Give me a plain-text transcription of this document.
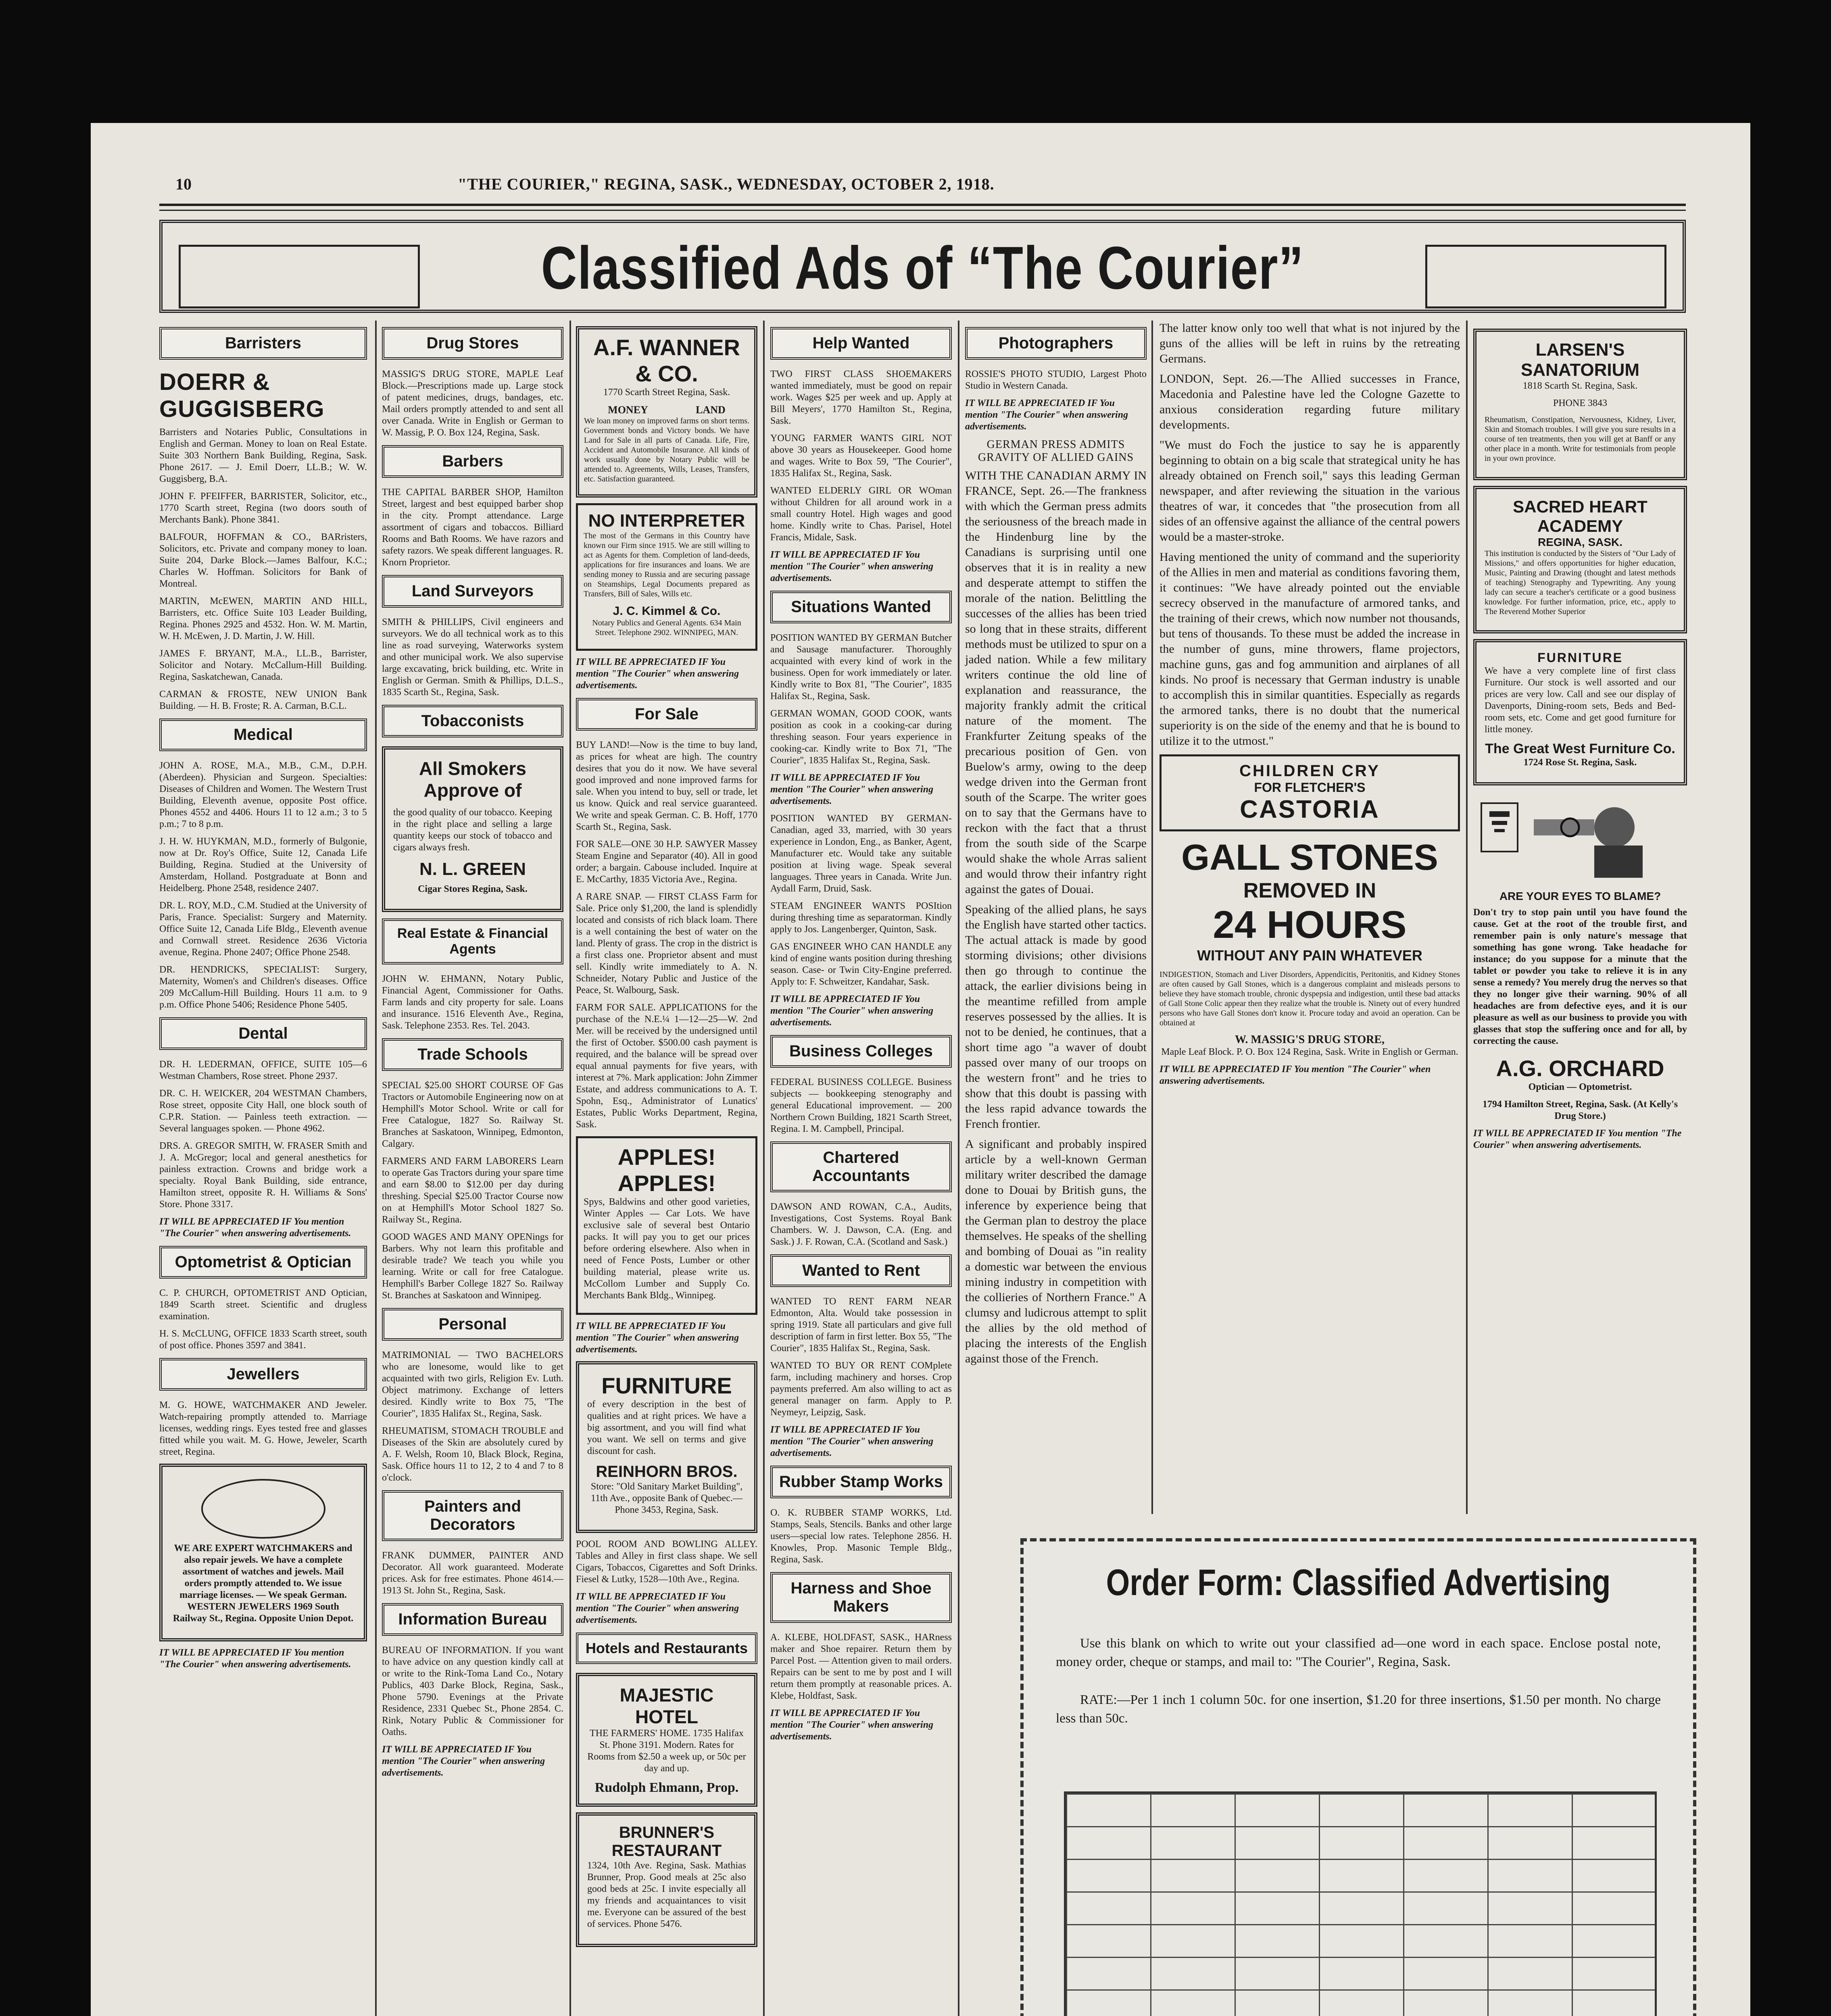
10	"THE COURIER," REGINA, SASK., WEDNESDAY, OCTOBER 2, 1918.
Classified Ads of “The Courier”
Barristers
DOERR & GUGGISBERG

Barristers and Notaries Public, Consultations in English and German. Money to loan on Real Estate. Suite 303 Northern Bank Building, Regina, Sask. Phone 2617. — J. Emil Doerr, LL.B.; W. W. Guggisberg, B.A.

JOHN F. PFEIFFER, BARRISTER, Solicitor, etc., 1770 Scarth street, Regina (two doors south of Merchants Bank). Phone 3841.

BALFOUR, HOFFMAN & CO., BARristers, Solicitors, etc. Private and company money to loan. Suite 204, Darke Block.—James Balfour, K.C.; Charles W. Hoffman. Solicitors for Bank of Montreal.

MARTIN, McEWEN, MARTIN AND HILL, Barristers, etc. Office Suite 103 Leader Building, Regina. Phones 2925 and 4532. Hon. W. M. Martin, W. H. McEwen, J. D. Martin, J. W. Hill.

JAMES F. BRYANT, M.A., LL.B., Barrister, Solicitor and Notary. McCallum-Hill Building. Regina, Saskatchewan, Canada.

CARMAN & FROSTE, NEW UNION Bank Building. — H. B. Froste; R. A. Carman, B.C.L.

Medical

JOHN A. ROSE, M.A., M.B., C.M., D.P.H. (Aberdeen). Physician and Surgeon. Specialties: Diseases of Children and Women. The Western Trust Building, Eleventh avenue, opposite Post office. Phones 4552 and 4406. Hours 11 to 12 a.m.; 3 to 5 p.m.; 7 to 8 p.m.

J. H. W. HUYKMAN, M.D., formerly of Bulgonie, now at Dr. Roy's Office, Suite 12, Canada Life Building, Regina. Studied at the University of Amsterdam, Holland. Postgraduate at Bonn and Heidelberg. Phone 2548, residence 2407.

DR. L. ROY, M.D., C.M. Studied at the University of Paris, France. Specialist: Surgery and Maternity. Office Suite 12, Canada Life Bldg., Eleventh avenue and Cornwall street. Residence 2636 Victoria avenue, Regina. Phone 2407; Office Phone 2548.

DR. HENDRICKS, SPECIALIST: Surgery, Maternity, Women's and Children's diseases. Office 209 McCallum-Hill Building. Hours 11 a.m. to 9 p.m. Office Phone 5406; Residence Phone 5405.

Dental

DR. H. LEDERMAN, OFFICE, SUITE 105—6 Westman Chambers, Rose street. Phone 2937.

DR. C. H. WEICKER, 204 WESTMAN Chambers, Rose street, opposite City Hall, one block south of C.P.R. Station. — Painless teeth extraction. — Several languages spoken. — Phone 4962.

DRS. A. GREGOR SMITH, W. FRASER Smith and J. A. McGregor; local and general anesthetics for painless extraction. Crowns and bridge work a specialty. Royal Bank Building, side entrance, Hamilton street, opposite R. H. Williams & Sons' Store. Phone 3317.

IT WILL BE APPRECIATED IF You mention "The Courier" when answering advertisements.

Optometrist & Optician

C. P. CHURCH, OPTOMETRIST AND Optician, 1849 Scarth street. Scientific and drugless examination.

H. S. McCLUNG, OFFICE 1833 Scarth street, south of post office. Phones 3597 and 3841.

Jewellers

M. G. HOWE, WATCHMAKER AND Jeweler. Watch-repairing promptly attended to. Marriage licenses, wedding rings. Eyes tested free and glasses fitted while you wait. M. G. Howe, Jeweler, Scarth street, Regina.

WE ARE EXPERT WATCHMAKERS and also repair jewels. We have a complete assortment of watches and jewels. Mail orders promptly attended to. We issue marriage licenses. — We speak German. WESTERN JEWELERS 1969 South Railway St., Regina. Opposite Union Depot.

IT WILL BE APPRECIATED IF You mention "The Courier" when answering advertisements.

Drug Stores

MASSIG'S DRUG STORE, MAPLE Leaf Block.—Prescriptions made up. Large stock of patent medicines, drugs, bandages, etc. Mail orders promptly attended to and sent all over Canada. Write in English or German to W. Massig, P. O. Box 124, Regina, Sask.

Barbers

THE CAPITAL BARBER SHOP, Hamilton Street, largest and best equipped barber shop in the city. Prompt attendance. Large assortment of cigars and tobaccos. Billiard Rooms and Bath Rooms. We have razors and safety razors. We speak different languages. R. Knorn Proprietor.

Land Surveyors

SMITH & PHILLIPS, Civil engineers and surveyors. We do all technical work as to this line as road surveying, Waterworks system and other municipal work. We also supervise large excavating, brick building, etc. Write in English or German. Smith & Phillips, D.L.S., 1835 Scarth St., Regina, Sask.

Tobacconists
All Smokers Approve of

the good quality of our tobacco. Keeping in the right place and selling a large quantity keeps our stock of tobacco and cigars always fresh.

N. L. GREEN

Cigar Stores Regina, Sask.

Real Estate & Financial Agents

JOHN W. EHMANN, Notary Public, Financial Agent, Commissioner for Oaths. Farm lands and city property for sale. Loans and insurance. 1516 Eleventh Ave., Regina, Sask. Telephone 2353. Res. Tel. 2043.

Trade Schools

SPECIAL $25.00 SHORT COURSE OF Gas Tractors or Automobile Engineering now on at Hemphill's Motor School. Write or call for Free Catalogue, 1827 So. Railway St. Branches at Saskatoon, Winnipeg, Edmonton, Calgary.

FARMERS AND FARM LABORERS Learn to operate Gas Tractors during your spare time and earn $8.00 to $12.00 per day during threshing. Special $25.00 Tractor Course now on at Hemphill's Motor School 1827 So. Railway St., Regina.

GOOD WAGES AND MANY OPENings for Barbers. Why not learn this profitable and desirable trade? We teach you while you learning. Write or call for free Catalogue. Hemphill's Barber College 1827 So. Railway St. Branches at Saskatoon and Winnipeg.

Personal

MATRIMONIAL — TWO BACHELORS who are lonesome, would like to get acquainted with two girls, Religion Ev. Luth. Object matrimony. Exchange of letters desired. Kindly write to Box 75, "The Courier", 1835 Halifax St., Regina, Sask.

RHEUMATISM, STOMACH TROUBLE and Diseases of the Skin are absolutely cured by A. F. Welsh, Room 10, Black Block, Regina, Sask. Office hours 11 to 12, 2 to 4 and 7 to 8 o'clock.

Painters and Decorators

FRANK DUMMER, PAINTER AND Decorator. All work guaranteed. Moderate prices. Ask for free estimates. Phone 4614.—1913 St. John St., Regina, Sask.

Information Bureau

BUREAU OF INFORMATION. If you want to have advice on any question kindly call at or write to the Rink-Toma Land Co., Notary Publics, 403 Darke Block, Regina, Sask., Phone 5790. Evenings at the Private Residence, 2331 Quebec St., Phone 2854. C. Rink, Notary Public & Commissioner for Oaths.

IT WILL BE APPRECIATED IF You mention "The Courier" when answering advertisements.

A.F. WANNER & CO.

1770 Scarth Street Regina, Sask.

MONEY	LAND

We loan money on improved farms on short terms. Government bonds and Victory bonds. We have Land for Sale in all parts of Canada. Life, Fire, Accident and Automobile Insurance. All kinds of work usually done by Notary Public will be attended to. Agreements, Wills, Leases, Transfers, etc. Satisfaction guaranteed.

NO INTERPRETER

The most of the Germans in this Country have known our Firm since 1915. We are still willing to act as Agents for them. Completion of land-deeds, applications for fire insurances and loans. We are sending money to Russia and are securing passage on Steamships, Legal Documents prepared as Transfers, Bill of Sales, Wills etc.

J. C. Kimmel & Co.

Notary Publics and General Agents. 634 Main Street. Telephone 2902. WINNIPEG, MAN.

IT WILL BE APPRECIATED IF You mention "The Courier" when answering advertisements.

For Sale

BUY LAND!—Now is the time to buy land, as prices for wheat are high. The country desires that you do it now. We have several good improved and none improved farms for sale. When you intend to buy, sell or trade, let us know. Quick and real service guaranteed. We write and speak German. C. B. Hoff, 1770 Scarth St., Regina, Sask.

FOR SALE—ONE 30 H.P. SAWYER Massey Steam Engine and Separator (40). All in good order; a bargain. Cabouse included. Inquire at E. McCarthy, 1835 Victoria Ave., Regina.

A RARE SNAP. — FIRST CLASS Farm for Sale. Price only $1,200, the land is splendidly located and consists of rich black loam. There is a well containing the best of water on the land. Plenty of grass. The crop in the district is a first class one. Proprietor absent and must sell. Kindly write immediately to A. N. Schneider, Notary Public and Justice of the Peace, St. Walbourg, Sask.

FARM FOR SALE. APPLICATIONS for the purchase of the N.E.¼ 1—12—25—W. 2nd Mer. will be received by the undersigned until the first of October. $500.00 cash payment is required, and the balance will be spread over equal annual payments for five years, with interest at 7%. Mark application: John Zimmer Estate, and address communications to A. T. Spohn, Esq., Administrator of Lunatics' Estates, Public Works Department, Regina, Sask.

APPLES! APPLES!

Spys, Baldwins and other good varieties, Winter Apples — Car Lots. We have exclusive sale of several best Ontario packs. It will pay you to get our prices before ordering elsewhere. Also when in need of Fence Posts, Lumber or other building material, please write us. McCollom Lumber and Supply Co. Merchants Bank Bldg., Winnipeg.

IT WILL BE APPRECIATED IF You mention "The Courier" when answering advertisements.

FURNITURE

of every description in the best of qualities and at right prices. We have a big assortment, and you will find what you want. We sell on terms and give discount for cash.

REINHORN BROS.

Store: "Old Sanitary Market Building", 11th Ave., opposite Bank of Quebec.—Phone 3453, Regina, Sask.

POOL ROOM AND BOWLING ALLEY. Tables and Alley in first class shape. We sell Cigars, Tobaccos, Cigarettes and Soft Drinks. Fiesel & Lutky, 1528—10th Ave., Regina.

IT WILL BE APPRECIATED IF You mention "The Courier" when answering advertisements.

Hotels and Restaurants
MAJESTIC HOTEL

THE FARMERS' HOME. 1735 Halifax St. Phone 3191. Modern. Rates for Rooms from $2.50 a week up, or 50c per day and up.

Rudolph Ehmann, Prop.
BRUNNER'S RESTAURANT

1324, 10th Ave. Regina, Sask. Mathias Brunner, Prop. Good meals at 25c also good beds at 25c. I invite especially all my friends and acquaintances to visit me. Everyone can be assured of the best of services. Phone 5476.

Help Wanted

TWO FIRST CLASS SHOEMAKERS wanted immediately, must be good on repair work. Wages $25 per week and up. Apply at Bill Meyers', 1770 Hamilton St., Regina, Sask.

YOUNG FARMER WANTS GIRL NOT above 30 years as Housekeeper. Good home and wages. Write to Box 59, "The Courier", 1835 Halifax St., Regina, Sask.

WANTED ELDERLY GIRL OR WOman without Children for all around work in a small country Hotel. High wages and good home. Kindly write to Chas. Parisel, Hotel Francis, Midale, Sask.

IT WILL BE APPRECIATED IF You mention "The Courier" when answering advertisements.

Situations Wanted

POSITION WANTED BY GERMAN Butcher and Sausage manufacturer. Thoroughly acquainted with every kind of work in the business. Open for work immediately or later. Kindly write to Box 81, "The Courier", 1835 Halifax St., Regina, Sask.

GERMAN WOMAN, GOOD COOK, wants position as cook in a cooking-car during threshing season. Four years experience in cooking-car. Kindly write to Box 71, "The Courier", 1835 Halifax St., Regina, Sask.

IT WILL BE APPRECIATED IF You mention "The Courier" when answering advertisements.

POSITION WANTED BY GERMAN-Canadian, aged 33, married, with 30 years experience in London, Eng., as Banker, Agent, Manufacturer etc. Would take any suitable position at living wage. Speak several languages. Three years in Canada. Write Jun. Aydall Farm, Druid, Sask.

STEAM ENGINEER WANTS POSItion during threshing time as separatorman. Kindly apply to Jos. Langenberger, Quinton, Sask.

GAS ENGINEER WHO CAN HANDLE any kind of engine wants position during threshing season. Case- or Twin City-Engine preferred. Apply to: F. Schweitzer, Kandahar, Sask.

IT WILL BE APPRECIATED IF You mention "The Courier" when answering advertisements.

Business Colleges

FEDERAL BUSINESS COLLEGE. Business subjects — bookkeeping stenography and general Educational improvement. — 200 Northern Crown Building, 1821 Scarth Street, Regina. I. M. Campbell, Principal.

Chartered Accountants

DAWSON AND ROWAN, C.A., Audits, Investigations, Cost Systems. Royal Bank Chambers. W. J. Dawson, C.A. (Eng. and Sask.) J. F. Rowan, C.A. (Scotland and Sask.)

Wanted to Rent

WANTED TO RENT FARM NEAR Edmonton, Alta. Would take possession in spring 1919. State all particulars and give full description of farm in first letter. Box 55, "The Courier", 1835 Halifax St., Regina, Sask.

WANTED TO BUY OR RENT COMplete farm, including machinery and horses. Crop payments preferred. Am also willing to act as general manager on farm. Apply to P. Neymeyr, Leipzig, Sask.

IT WILL BE APPRECIATED IF You mention "The Courier" when answering advertisements.

Rubber Stamp Works

O. K. RUBBER STAMP WORKS, Ltd. Stamps, Seals, Stencils. Banks and other large users—special low rates. Telephone 2856. H. Knowles, Prop. Masonic Temple Bldg., Regina, Sask.

Harness and Shoe Makers

A. KLEBE, HOLDFAST, SASK., HARness maker and Shoe repairer. Return them by Parcel Post. — Attention given to mail orders. Repairs can be sent to me by post and I will return them promptly at reasonable prices. A. Klebe, Holdfast, Sask.

IT WILL BE APPRECIATED IF You mention "The Courier" when answering advertisements.

Photographers

ROSSIE'S PHOTO STUDIO, Largest Photo Studio in Western Canada.

IT WILL BE APPRECIATED IF You mention "The Courier" when answering advertisements.

GERMAN PRESS ADMITS GRAVITY OF ALLIED GAINS

WITH THE CANADIAN ARMY IN FRANCE, Sept. 26.—The frankness with which the German press admits the seriousness of the breach made in the Hindenburg line by the Canadians is surprising until one observes that it is in reality a new and desperate attempt to stiffen the morale of the nation. Belittling the successes of the allies has been tried so long that in these straits, different methods must be utilized to spur on a jaded nation. While a few military writers continue the old line of explanation and reassurance, the majority frankly admit the critical nature of the moment. The Frankfurter Zeitung speaks of the precarious position of Gen. von Buelow's army, owing to the deep wedge driven into the German front south of the Scarpe. The writer goes on to say that the Germans have to reckon with the fact that a thrust from the south side of the Scarpe would shake the whole Arras salient and would throw their infantry right against the gates of Douai.

Speaking of the allied plans, he says the English have started other tactics. The actual attack is made by good storming divisions; other divisions then go through to continue the attack, the earlier divisions being in the meantime refilled from ample reserves possessed by the allies. It is not to be denied, he continues, that a short time ago "a waver of doubt passed over many of our troops on the western front" and he tries to show that this doubt is passing with the less rapid advance towards the French frontier.

A significant and probably inspired article by a well-known German military writer described the damage done to Douai by British guns, the inference by experience being that the German plan to destroy the place themselves. He speaks of the shelling and bombing of Douai as "in reality a domestic war between the envious mining industry in competition with the collieries of Northern France." A clumsy and ludicrous attempt to split the allies by the old method of placing the interests of the English against those of the French.

The latter know only too well that what is not injured by the guns of the allies will be left in ruins by the retreating Germans.

LONDON, Sept. 26.—The Allied successes in France, Macedonia and Palestine have led the Cologne Gazette to anxious consideration regarding future military developments.

"We must do Foch the justice to say he is apparently beginning to obtain on a big scale that strategical unity he has already obtained on French soil," says this leading German newspaper, and after reviewing the situation in the various theatres of war, it concedes that "the prosecution from all sides of an offensive against the alliance of the central powers would be a master-stroke.

Having mentioned the unity of command and the superiority of the Allies in men and material as conditions favoring them, it continues: "We have already pointed out the enviable secrecy observed in the manufacture of armored tanks, and the training of their crews, which now number not thousands, but tens of thousands. To these must be added the increase in the number of guns, mine throwers, flame projectors, machine guns, gas and fog ammunition and airplanes of all kinds. No proof is necessary that German industry is unable to accomplish this in similar quantities. Especially as regards the armored tanks, there is no doubt that the numerical superiority is on the side of the enemy and that he is bound to utilize it to the utmost."

CHILDREN CRY
FOR FLETCHER'S
CASTORIA
GALL STONES
REMOVED IN
24 HOURS
WITHOUT ANY PAIN WHATEVER

INDIGESTION, Stomach and Liver Disorders, Appendicitis, Peritonitis, and Kidney Stones are often caused by Gall Stones, which is a dangerous complaint and misleads persons to believe they have stomach trouble, chronic dyspepsia and indigestion, until these bad attacks of Gall Stone Colic appear then they realize what the trouble is. Ninety out of every hundred persons who have Gall Stones don't know it. Procure today and avoid an operation. Can be obtained at

W. MASSIG'S DRUG STORE,

Maple Leaf Block. P. O. Box 124 Regina, Sask. Write in English or German.

IT WILL BE APPRECIATED IF You mention "The Courier" when answering advertisements.

LARSEN'S SANATORIUM

1818 Scarth St. Regina, Sask.

PHONE 3843

Rheumatism, Constipation, Nervousness, Kidney, Liver, Skin and Stomach troubles. I will give you sure results in a course of ten treatments, then you will get at Banff or any other place in a month. Write for testimonials from people in your own province.

SACRED HEART ACADEMY
REGINA, SASK.

This institution is conducted by the Sisters of "Our Lady of Missions," and offers opportunities for higher education, Music, Painting and Drawing (thought and latest methods of teaching) Stenography and Typewriting. Any young lady can secure a teacher's certificate or a good business knowledge. For further information, price, etc., apply to The Reverend Mother Superior

FURNITURE

We have a very complete line of first class Furniture. Our stock is well assorted and our prices are very low. Call and see our display of Davenports, Dining-room sets, Beds and Bed-room sets, etc. Come and get good furniture for little money.

The Great West Furniture Co.

1724 Rose St. Regina, Sask.

ARE YOUR EYES TO BLAME?

Don't try to stop pain until you have found the cause. Get at the root of the trouble first, and remember pain is only nature's message that something has gone wrong. Take headache for instance; do you suppose for a minute that the tablet or powder you take to relieve it is in any sense a remedy? You merely drug the nerves so that they no longer give their warning. 90% of all headaches are from defective eyes, and it is our pleasure as well as our business to provide you with glasses that stop the suffering once and for all, by correcting the cause.

A.G. ORCHARD

Optician — Optometrist.

1794 Hamilton Street, Regina, Sask. (At Kelly's Drug Store.)

IT WILL BE APPRECIATED IF You mention "The Courier" when answering advertisements.

Order Form: Classified Advertising
Use this blank on which to write out your classified ad—one word in each space. Enclose postal note, money order, cheque or stamps, and mail to: "The Courier", Regina, Sask.
RATE:—Per 1 inch 1 column 50c. for one insertion, $1.20 for three insertions, $1.50 per month. No charge less than 50c.
